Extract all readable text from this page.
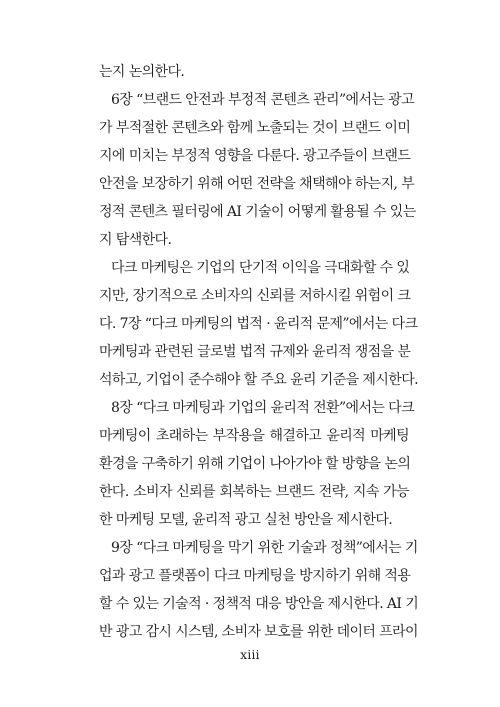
는지 논의한다.
6장 “브랜드 안전과 부정적 콘텐츠 관리”에서는 광고
가 부적절한 콘텐츠와 함께 노출되는 것이 브랜드 이미
지에 미치는 부정적 영향을 다룬다. 광고주들이 브랜드
안전을 보장하기 위해 어떤 전략을 채택해야 하는지, 부
정적 콘텐츠 필터링에 AI 기술이 어떻게 활용될 수 있는
지 탐색한다.
다크 마케팅은 기업의 단기적 이익을 극대화할 수 있
지만, 장기적으로 소비자의 신뢰를 저하시킬 위험이 크
다. 7장 “다크 마케팅의 법적 · 윤리적 문제”에서는 다크
마케팅과 관련된 글로벌 법적 규제와 윤리적 쟁점을 분
석하고, 기업이 준수해야 할 주요 윤리 기준을 제시한다.
8장 “다크 마케팅과 기업의 윤리적 전환”에서는 다크
마케팅이 초래하는 부작용을 해결하고 윤리적 마케팅
환경을 구축하기 위해 기업이 나아가야 할 방향을 논의
한다. 소비자 신뢰를 회복하는 브랜드 전략, 지속 가능
한 마케팅 모델, 윤리적 광고 실천 방안을 제시한다.
9장 “다크 마케팅을 막기 위한 기술과 정책”에서는 기
업과 광고 플랫폼이 다크 마케팅을 방지하기 위해 적용
할 수 있는 기술적 · 정책적 대응 방안을 제시한다. AI 기
반 광고 감시 시스템, 소비자 보호를 위한 데이터 프라이
xiii
